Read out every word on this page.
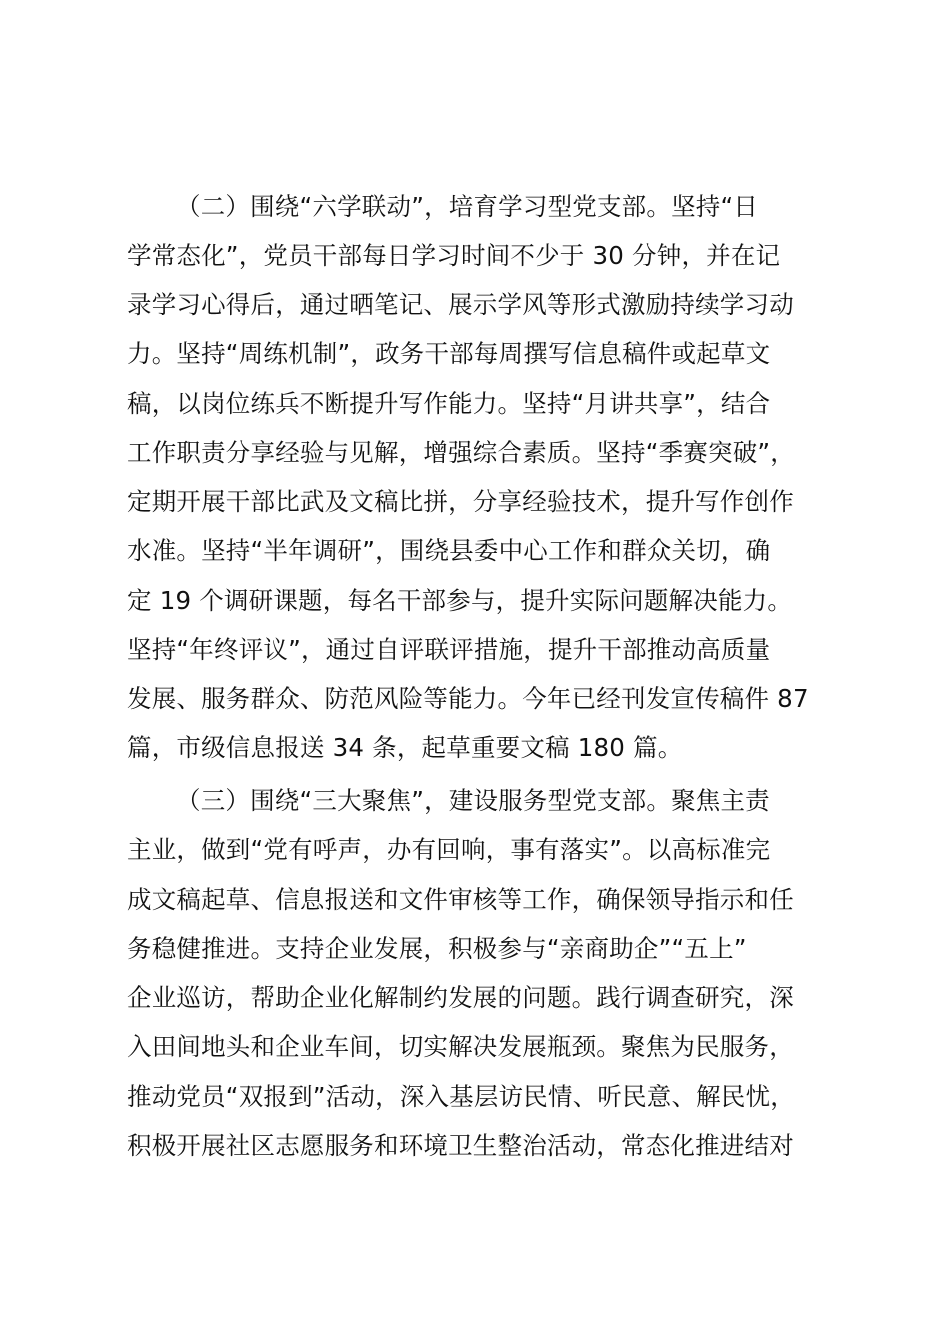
（二）围绕“六学联动”，培育学习型党支部。坚持“日
学常态化”，党员干部每日学习时间不少于 30 分钟，并在记
录学习心得后，通过晒笔记、展示学风等形式激励持续学习动
力。坚持“周练机制”，政务干部每周撰写信息稿件或起草文
稿，以岗位练兵不断提升写作能力。坚持“月讲共享”，结合
工作职责分享经验与见解，增强综合素质。坚持“季赛突破”，
定期开展干部比武及文稿比拼，分享经验技术，提升写作创作
水准。坚持“半年调研”，围绕县委中心工作和群众关切，确
定 19 个调研课题，每名干部参与，提升实际问题解决能力。
坚持“年终评议”，通过自评联评措施，提升干部推动高质量
发展、服务群众、防范风险等能力。今年已经刊发宣传稿件 87
篇，市级信息报送 34 条，起草重要文稿 180 篇。
（三）围绕“三大聚焦”，建设服务型党支部。聚焦主责
主业，做到“党有呼声，办有回响，事有落实”。以高标准完
成文稿起草、信息报送和文件审核等工作，确保领导指示和任
务稳健推进。支持企业发展，积极参与“亲商助企”“五上”
企业巡访，帮助企业化解制约发展的问题。践行调查研究，深
入田间地头和企业车间，切实解决发展瓶颈。聚焦为民服务，
推动党员“双报到”活动，深入基层访民情、听民意、解民忧，
积极开展社区志愿服务和环境卫生整治活动，常态化推进结对
